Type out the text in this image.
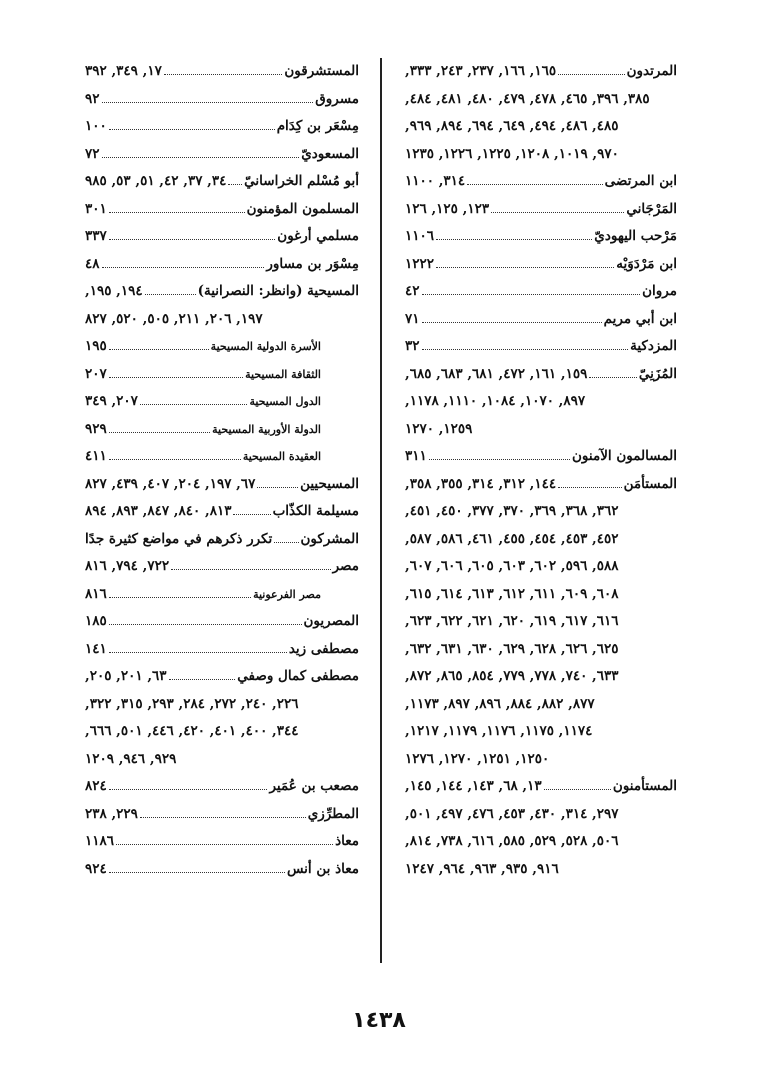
المرتدون
١٦٥, ١٦٦, ٢٣٧, ٢٤٣, ٣٣٣,
٣٨٥, ٣٩٦, ٤٦٥, ٤٧٨, ٤٧٩, ٤٨٠, ٤٨١, ٤٨٤,
٤٨٥, ٤٨٦, ٤٩٤, ٦٤٩, ٦٩٤, ٨٩٤, ٩٦٩,
٩٧٠, ١٠١٩, ١٢٠٨, ١٢٢٥, ١٢٢٦, ١٢٣٥
ابن المرتضى
٣١٤, ١١٠٠
المَرْجَاني
١٢٣, ١٢٥, ١٢٦
مَرْحب اليهوديّ
١١٠٦
ابن مَرْدَوَيْه
١٢٢٢
مروان
٤٢
ابن أبي مريم
٧١
المزدكية
٣٢
المُزَنِيّ
١٥٩, ١٦١, ٤٧٢, ٦٨١, ٦٨٣, ٦٨٥,
٨٩٧, ١٠٧٠, ١٠٨٤, ١١١٠, ١١٧٨,
١٢٥٩, ١٢٧٠
المسالمون الآمنون
٣١١
المستأمَن
١٤٤, ٣١٢, ٣١٤, ٣٥٥, ٣٥٨,
٣٦٢, ٣٦٨, ٣٦٩, ٣٧٠, ٣٧٧, ٤٥٠, ٤٥١,
٤٥٢, ٤٥٣, ٤٥٤, ٤٥٥, ٤٦١, ٥٨٦, ٥٨٧,
٥٨٨, ٥٩٦, ٦٠٢, ٦٠٣, ٦٠٥, ٦٠٦, ٦٠٧,
٦٠٨, ٦٠٩, ٦١١, ٦١٢, ٦١٣, ٦١٤, ٦١٥,
٦١٦, ٦١٧, ٦١٩, ٦٢٠, ٦٢١, ٦٢٢, ٦٢٣,
٦٢٥, ٦٢٦, ٦٢٨, ٦٢٩, ٦٣٠, ٦٣١, ٦٣٢,
٦٣٣, ٧٤٠, ٧٧٨, ٧٧٩, ٨٥٤, ٨٦٥, ٨٧٢,
٨٧٧, ٨٨٢, ٨٨٤, ٨٩٦, ٨٩٧, ١١٧٣,
١١٧٤, ١١٧٥, ١١٧٦, ١١٧٩, ١٢١٧,
١٢٥٠, ١٢٥١, ١٢٧٠, ١٢٧٦
المستأمنون
١٣, ٦٨, ١٤٣, ١٤٤, ١٤٥,
٢٩٧, ٣١٤, ٤٣٠, ٤٥٣, ٤٧٦, ٤٩٧, ٥٠١,
٥٠٦, ٥٢٨, ٥٢٩, ٥٨٥, ٦١٦, ٧٣٨, ٨١٤,
٩١٦, ٩٣٥, ٩٦٣, ٩٦٤, ١٢٤٧
المستشرقون
١٧, ٣٤٩, ٣٩٢
مسروق
٩٢
مِسْعَر بن كِدَام
١٠٠
المسعوديّ
٧٢
أبو مُسْلم الخراسانيّ
٣٤, ٣٧, ٤٢, ٥١, ٥٣, ٩٨٥
المسلمون المؤمنون
٣٠١
مسلمي أرغون
٣٣٧
مِسْوَر بن مساور
٤٨
المسيحية (وانظر: النصرانية)
١٩٤, ١٩٥,
١٩٧, ٢٠٦, ٢١١, ٥٠٥, ٥٢٠, ٨٢٧
الأسرة الدولية المسيحية
١٩٥
الثقافة المسيحية
٢٠٧
الدول المسيحية
٢٠٧, ٣٤٩
الدولة الأوربية المسيحية
٩٢٩
العقيدة المسيحية
٤١١
المسيحيين
٦٧, ١٩٧, ٢٠٤, ٤٠٧, ٤٣٩, ٨٢٧
مسيلمة الكذّاب
٨١٣, ٨٤٠, ٨٤٧, ٨٩٣, ٨٩٤
المشركون
تكرر ذكرهم في مواضع كثيرة جدًا
مصر
٧٢٢, ٧٩٤, ٨١٦
مصر الفرعونية
٨١٦
المصريون
١٨٥
مصطفى زيد
١٤١
مصطفى كمال وصفي
٦٣, ٢٠١, ٢٠٥,
٢٢٦, ٢٤٠, ٢٧٢, ٢٨٤, ٢٩٣, ٣١٥, ٣٢٢,
٣٤٤, ٤٠٠, ٤٠١, ٤٢٠, ٤٤٦, ٥٠١, ٦٦٦,
٩٢٩, ٩٤٦, ١٢٠٩
مصعب بن عُمَير
٨٢٤
المطرِّزي
٢٢٩, ٢٣٨
معاذ
١١٨٦
معاذ بن أنس
٩٢٤
١٤٣٨
